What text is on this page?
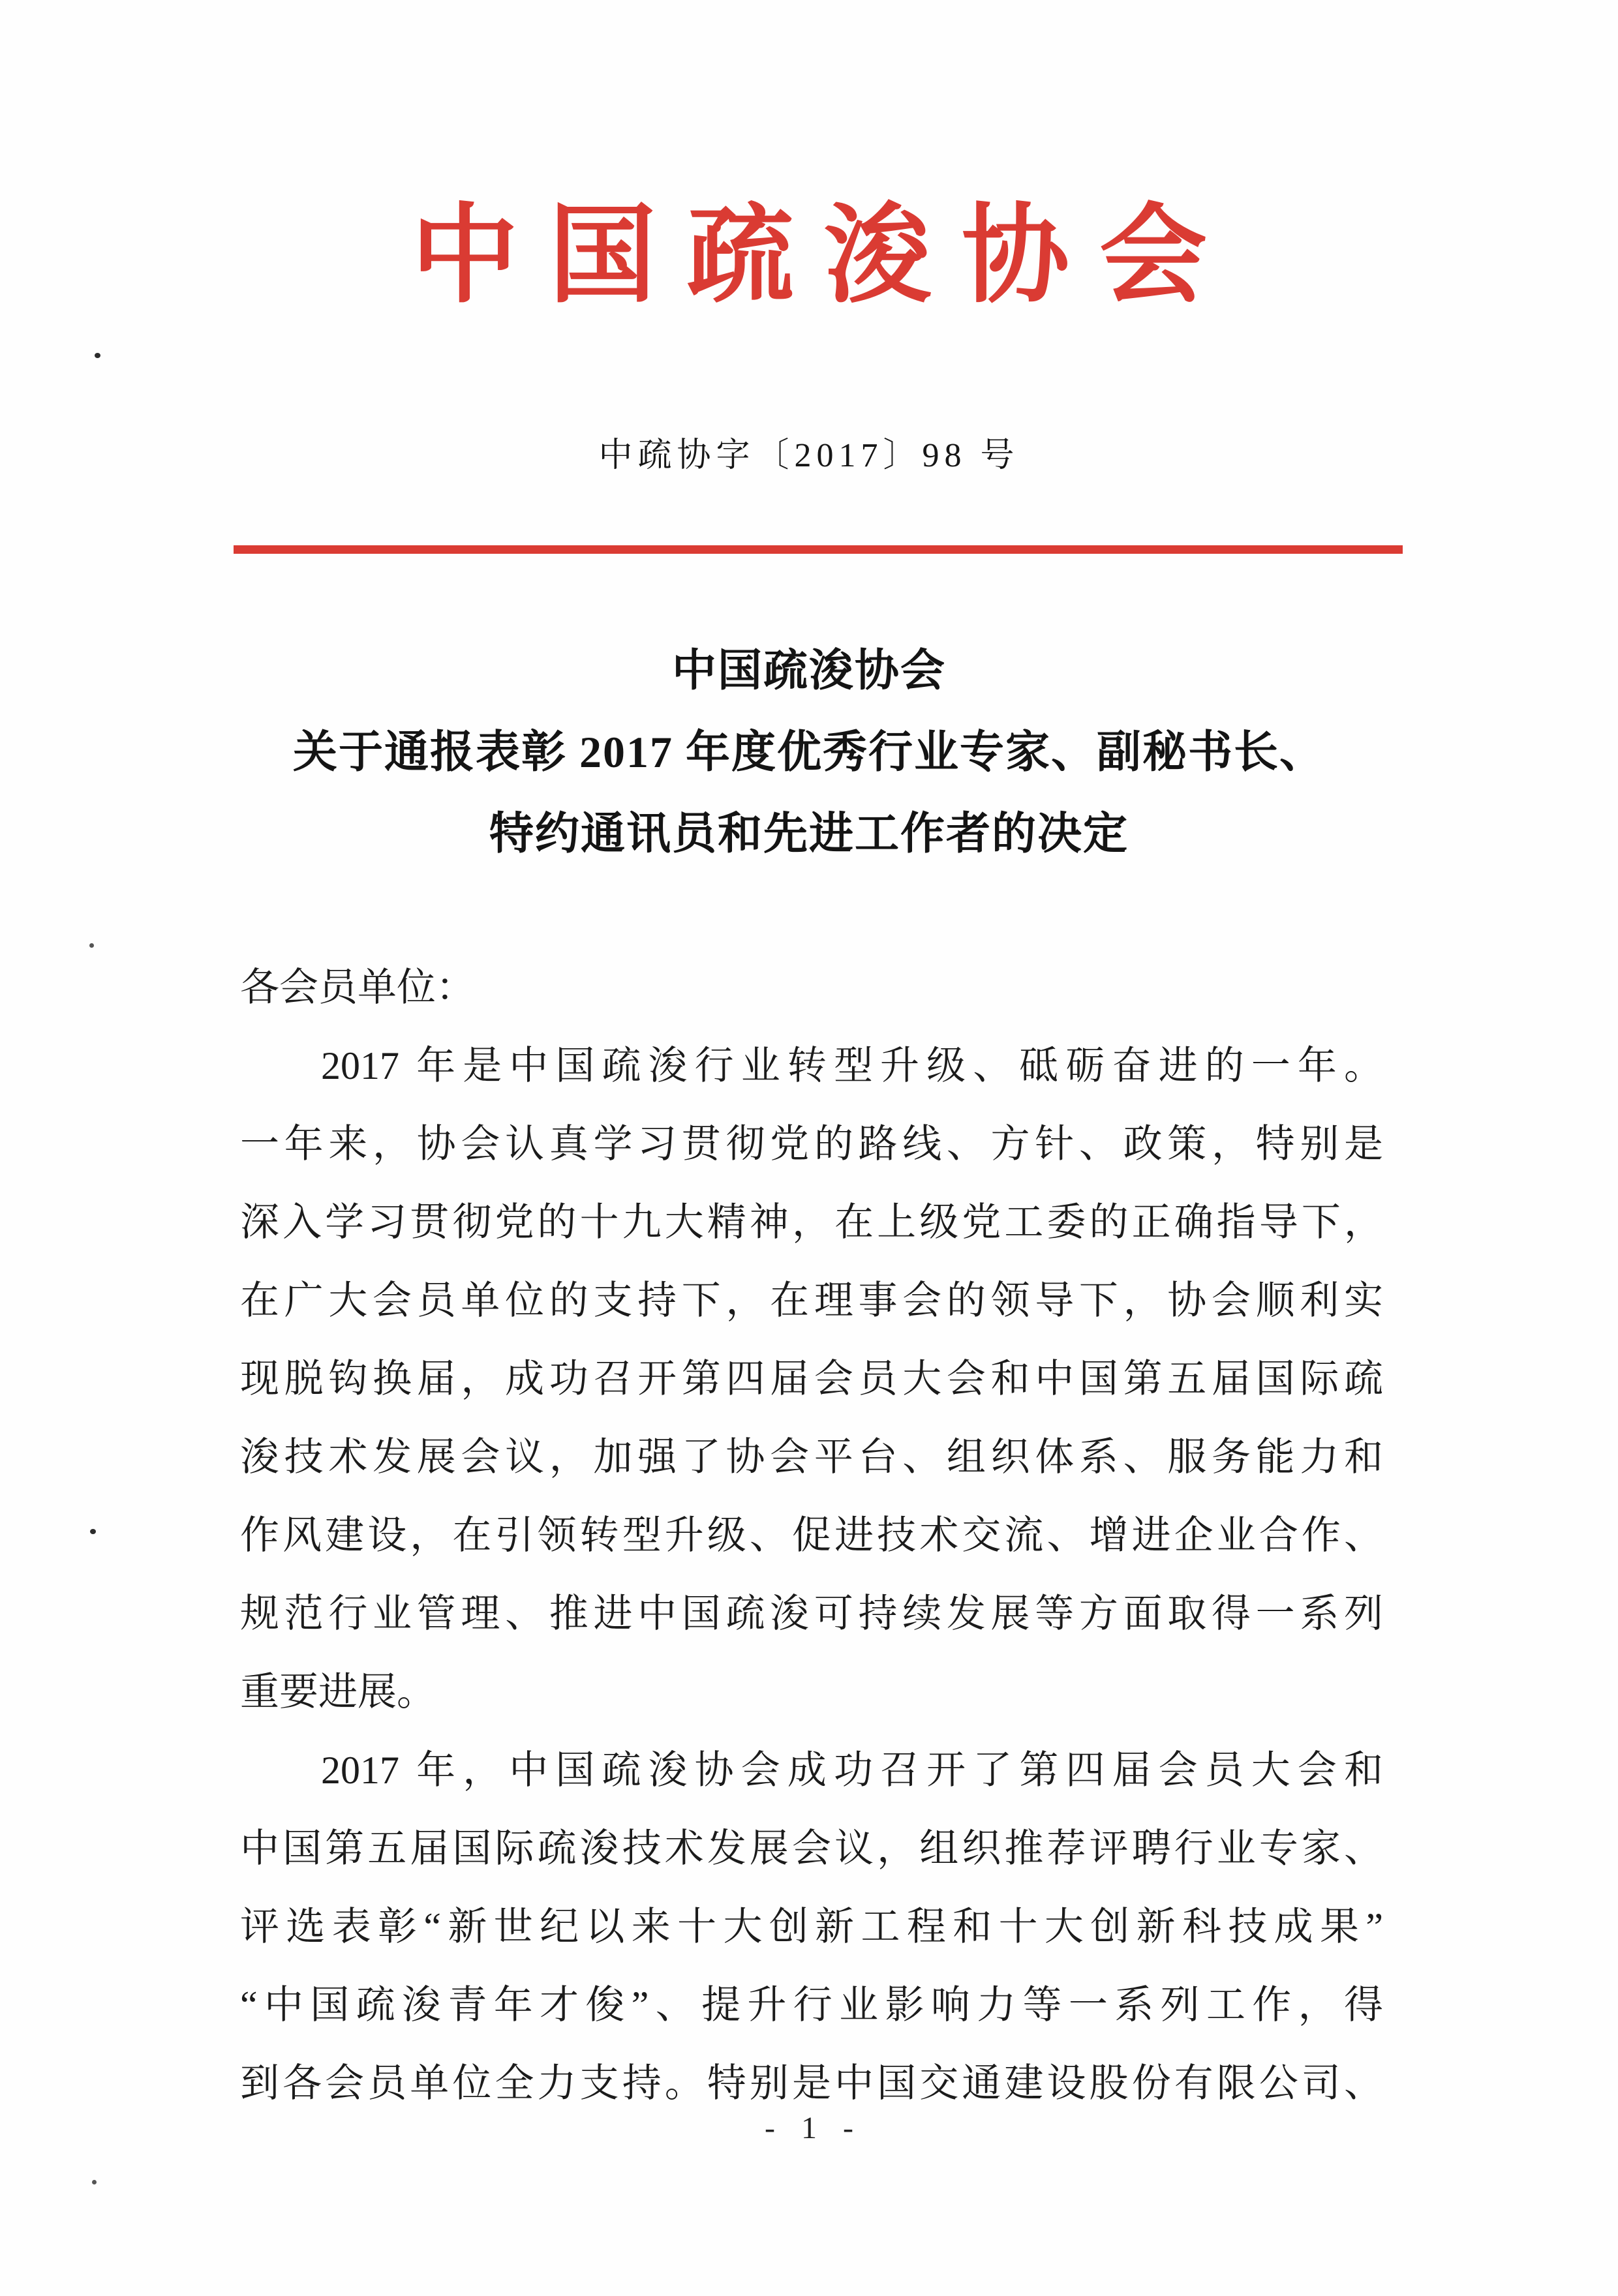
中国疏浚协会
中疏协字〔2017〕98 号
中国疏浚协会
关于通报表彰 2017 年度优秀行业专家、副秘书长、
特约通讯员和先进工作者的决定
各会员单位：
2017 年是中国疏浚行业转型升级、砥砺奋进的一年。
一年来，协会认真学习贯彻党的路线、方针、政策，特别是
深入学习贯彻党的十九大精神，在上级党工委的正确指导下，
在广大会员单位的支持下，在理事会的领导下，协会顺利实
现脱钩换届，成功召开第四届会员大会和中国第五届国际疏
浚技术发展会议，加强了协会平台、组织体系、服务能力和
作风建设，在引领转型升级、促进技术交流、增进企业合作、
规范行业管理、推进中国疏浚可持续发展等方面取得一系列
重要进展。
2017 年，中国疏浚协会成功召开了第四届会员大会和
中国第五届国际疏浚技术发展会议，组织推荐评聘行业专家、
评选表彰“新世纪以来十大创新工程和十大创新科技成果”
“中国疏浚青年才俊”、提升行业影响力等一系列工作，得
到各会员单位全力支持。特别是中国交通建设股份有限公司、
- 1 -
